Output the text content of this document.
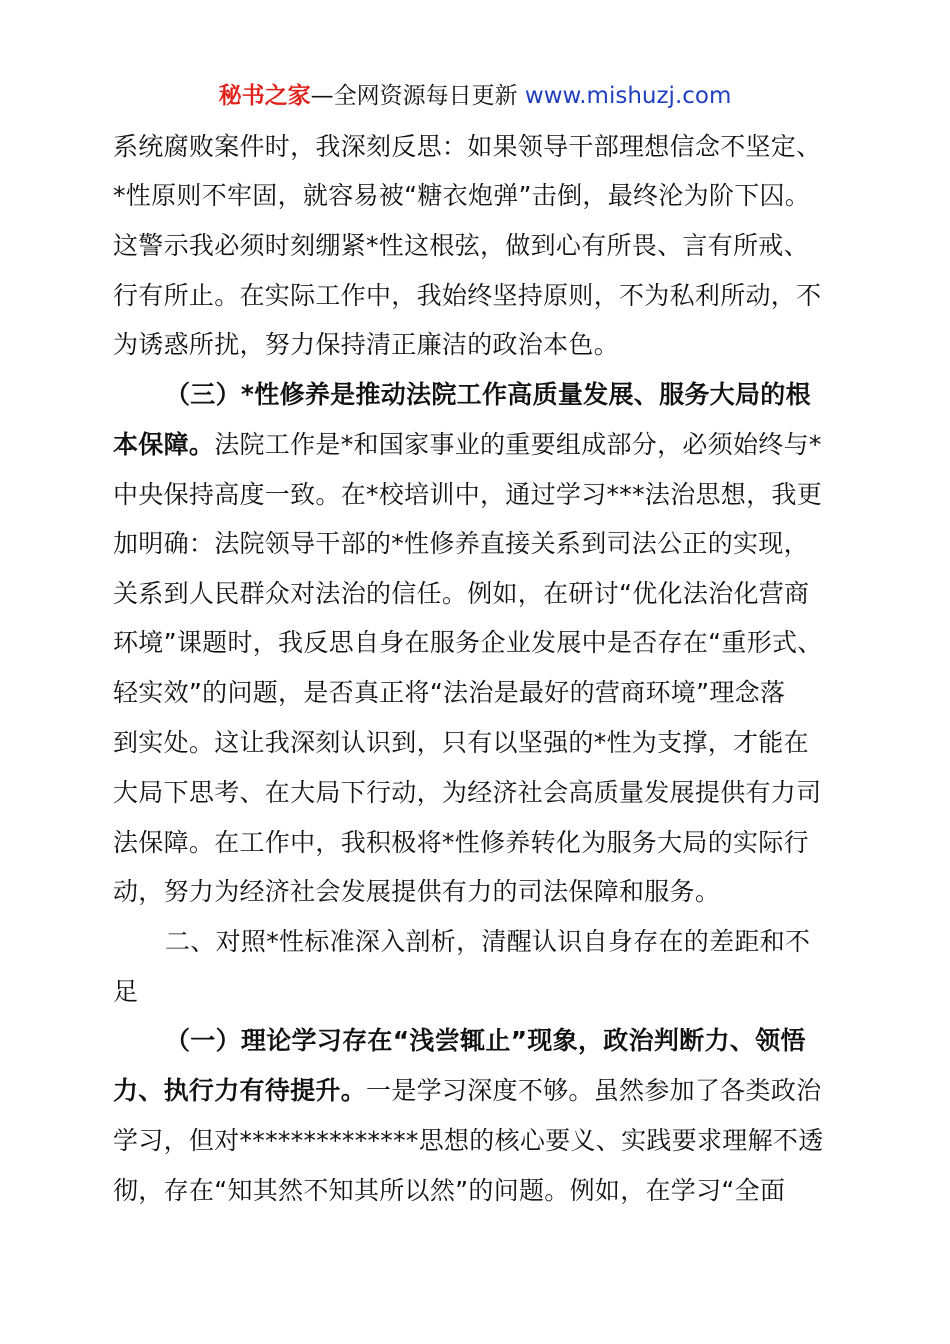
秘书之家—全网资源每日更新 www.mishuzj.com
系统腐败案件时，我深刻反思：如果领导干部理想信念不坚定、
*性原则不牢固，就容易被“糖衣炮弹”击倒，最终沦为阶下囚。
这警示我必须时刻绷紧*性这根弦，做到心有所畏、言有所戒、
行有所止。在实际工作中，我始终坚持原则，不为私利所动，不
为诱惑所扰，努力保持清正廉洁的政治本色。
（三）*性修养是推动法院工作高质量发展、服务大局的根
本保障。法院工作是*和国家事业的重要组成部分，必须始终与*
中央保持高度一致。在*校培训中，通过学习***法治思想，我更
加明确：法院领导干部的*性修养直接关系到司法公正的实现，
关系到人民群众对法治的信任。例如，在研讨“优化法治化营商
环境”课题时，我反思自身在服务企业发展中是否存在“重形式、
轻实效”的问题，是否真正将“法治是最好的营商环境”理念落
到实处。这让我深刻认识到，只有以坚强的*性为支撑，才能在
大局下思考、在大局下行动，为经济社会高质量发展提供有力司
法保障。在工作中，我积极将*性修养转化为服务大局的实际行
动，努力为经济社会发展提供有力的司法保障和服务。
二、对照*性标准深入剖析，清醒认识自身存在的差距和不
足
（一）理论学习存在“浅尝辄止”现象，政治判断力、领悟
力、执行力有待提升。一是学习深度不够。虽然参加了各类政治
学习，但对**************思想的核心要义、实践要求理解不透
彻，存在“知其然不知其所以然”的问题。例如，在学习“全面
